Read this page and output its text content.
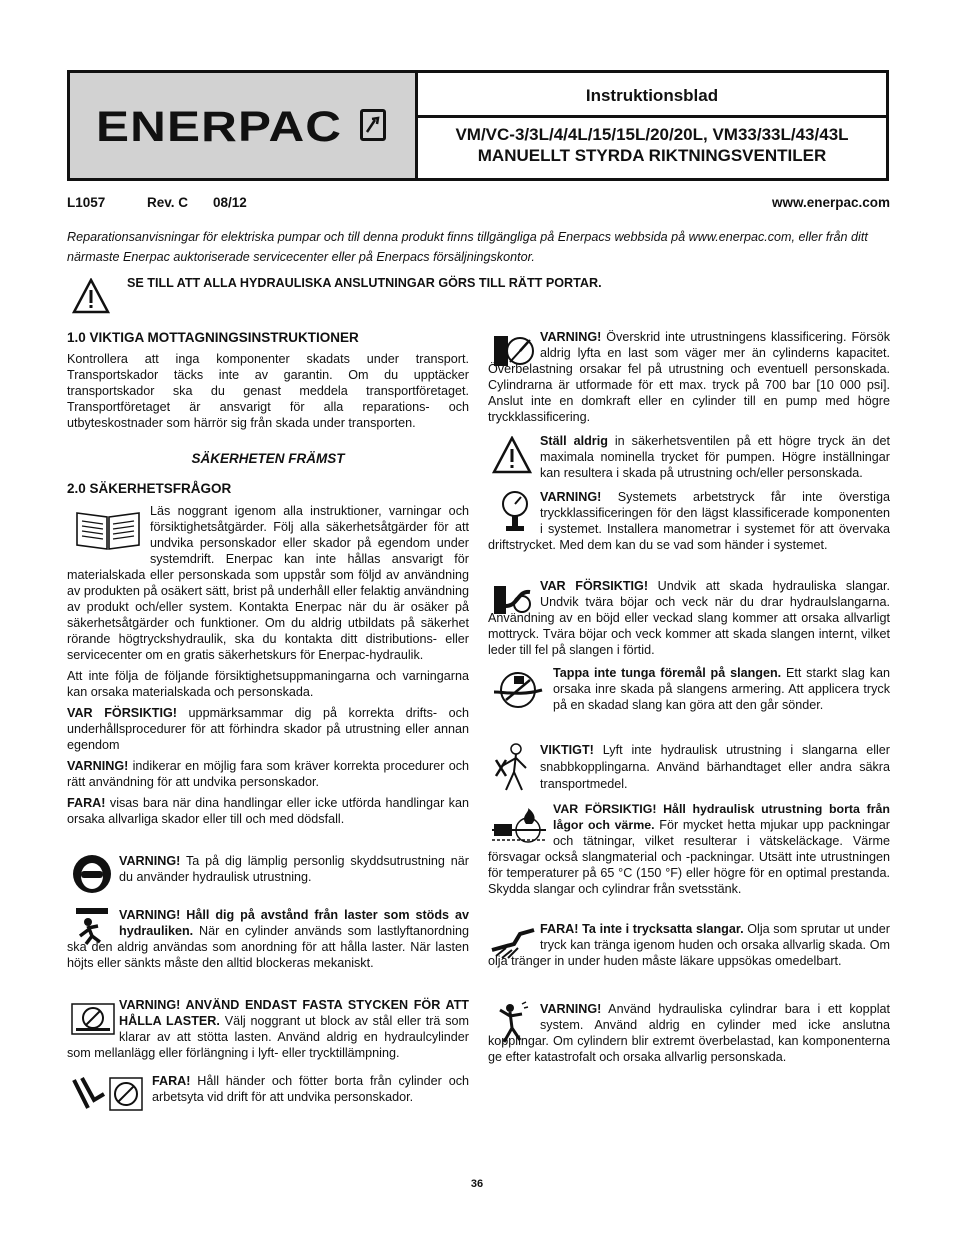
ENERPAC
Instruktionsblad
VM/VC-3/3L/4/4L/15/15L/20/20L, VM33/33L/43/43L
MANUELLT STYRDA RIKTNINGSVENTILER
L1057	Rev. C 08/12	www.enerpac.com
Reparationsanvisningar för elektriska pumpar och till denna produkt finns tillgängliga på Enerpacs webbsida på www.enerpac.com, eller från ditt närmaste Enerpac auktoriserade servicecenter eller på Enerpacs försäljningskontor.
SE TILL ATT ALLA HYDRAULISKA ANSLUTNINGAR GÖRS TILL RÄTT PORTAR.
1.0 VIKTIGA MOTTAGNINGSINSTRUKTIONER
Kontrollera att inga komponenter skadats under transport. Transportskador täcks inte av garantin. Om du upptäcker transportskador ska du genast meddela transportföretaget. Transportföretaget är ansvarigt för alla reparations- och utbyteskostnader som härrör sig från skada under transporten.
SÄKERHETEN FRÄMST
2.0 SÄKERHETSFRÅGOR

Läs noggrant igenom alla instruktioner, varningar och försiktighetsåtgärder. Följ alla säkerhetsåtgärder för att undvika personskador eller skador på egendom under systemdrift. Enerpac kan inte hållas ansvarigt för materialskada eller personskada som uppstår som följd av användning av produkten på osäkert sätt, brist på underhåll eller felaktig användning av produkt och/eller system. Kontakta Enerpac när du är osäker på säkerhetsåtgärder och funktioner. Om du aldrig utbildats på säkerhet rörande högtryckshydraulik, ska du kontakta ditt distributions- eller servicecenter om en gratis säkerhetskurs för Enerpac-hydraulik.

Att inte följa de följande försiktighetsuppmaningarna och varningarna kan orsaka materialskada och personskada.

VAR FÖRSIKTIG! uppmärksammar dig på korrekta drifts- och underhållsprocedurer för att förhindra skador på utrustning eller annan egendom

VARNING! indikerar en möjlig fara som kräver korrekta procedurer och rätt användning för att undvika personskador.

FARA! visas bara när dina handlingar eller icke utförda handlingar kan orsaka allvarliga skador eller till och med dödsfall.

VARNING! Ta på dig lämplig personlig skyddsutrustning när du använder hydraulisk utrustning.
VARNING! Håll dig på avstånd från laster som stöds av hydrauliken. När en cylinder används som lastlyftanordning ska den aldrig användas som anordning för att hålla laster. När lasten höjts eller sänkts måste den alltid blockeras mekaniskt.
VARNING! ANVÄND ENDAST FASTA STYCKEN FÖR ATT HÅLLA LASTER. Välj noggrant ut block av stål eller trä som klarar av att stötta lasten. Använd aldrig en hydraulcylinder som mellanlägg eller förlängning i lyft- eller trycktillämpning.
FARA! Håll händer och fötter borta från cylinder och arbetsyta vid drift för att undvika personskador.
VARNING! Överskrid inte utrustningens klassificering. Försök aldrig lyfta en last som väger mer än cylinderns kapacitet. Överbelastning orsakar fel på utrustning och eventuell personskada. Cylindrarna är utformade för ett max. tryck på 700 bar [10 000 psi]. Anslut inte en domkraft eller en cylinder till en pump med högre tryckklassificering.
Ställ aldrig in säkerhetsventilen på ett högre tryck än det maximala nominella trycket för pumpen. Högre inställningar kan resultera i skada på utrustning och/eller personskada.
VARNING! Systemets arbetstryck får inte överstiga tryckklassificeringen för den lägst klassificerade komponenten i systemet. Installera manometrar i systemet för att övervaka driftstrycket. Med dem kan du se vad som händer i systemet.
VAR FÖRSIKTIG! Undvik att skada hydrauliska slangar. Undvik tvära böjar och veck när du drar hydraulslangarna. Användning av en böjd eller veckad slang kommer att orsaka allvarligt mottryck. Tvära böjar och veck kommer att skada slangen internt, vilket leder till fel på slangen i förtid.
Tappa inte tunga föremål på slangen. Ett starkt slag kan orsaka inre skada på slangens armering. Att applicera tryck på en skadad slang kan göra att den går sönder.
VIKTIGT! Lyft inte hydraulisk utrustning i slangarna eller snabbkopplingarna. Använd bärhandtaget eller andra säkra transportmedel.
VAR FÖRSIKTIG! Håll hydraulisk utrustning borta från lågor och värme. För mycket hetta mjukar upp packningar och tätningar, vilket resulterar i vätskeläckage. Värme försvagar också slangmaterial och -packningar. Utsätt inte utrustningen för temperaturer på 65 °C (150 °F) eller högre för en optimal prestanda. Skydda slangar och cylindrar från svetsstänk.
FARA! Ta inte i trycksatta slangar. Olja som sprutar ut under tryck kan tränga igenom huden och orsaka allvarlig skada. Om olja tränger in under huden måste läkare uppsökas omedelbart.
VARNING! Använd hydrauliska cylindrar bara i ett kopplat system. Använd aldrig en cylinder med icke anslutna kopplingar. Om cylindern blir extremt överbelastad, kan komponenterna ge efter katastrofalt och orsaka allvarlig personskada.
36
